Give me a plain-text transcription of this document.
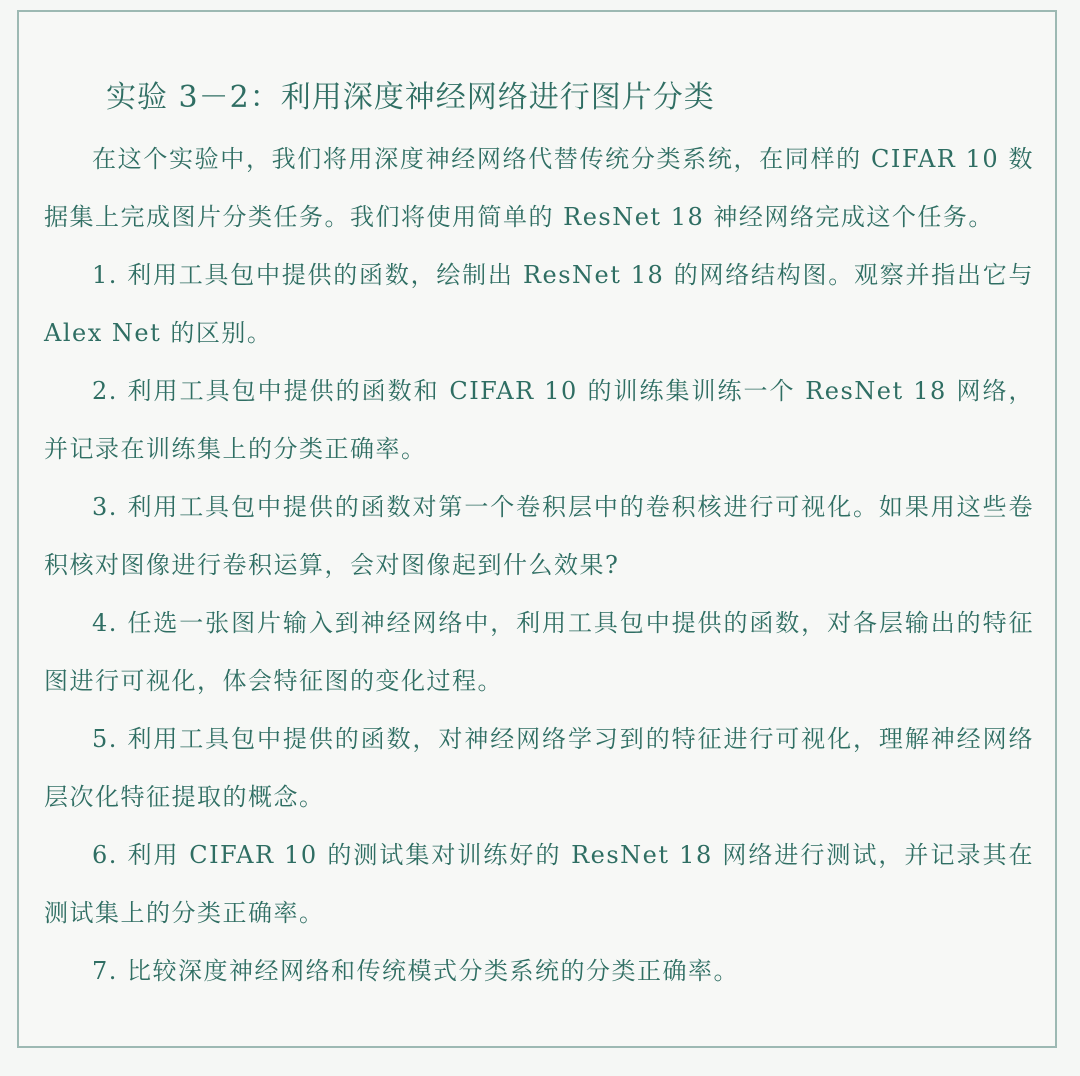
实验 3－2：利用深度神经网络进行图片分类

在这个实验中，我们将用深度神经网络代替传统分类系统，在同样的 CIFAR 10 数据集上完成图片分类任务。我们将使用简单的 ResNet 18 神经网络完成这个任务。

1. 利用工具包中提供的函数，绘制出 ResNet 18 的网络结构图。观察并指出它与 Alex Net 的区别。

2. 利用工具包中提供的函数和 CIFAR 10 的训练集训练一个 ResNet 18 网络，并记录在训练集上的分类正确率。

3. 利用工具包中提供的函数对第一个卷积层中的卷积核进行可视化。如果用这些卷积核对图像进行卷积运算，会对图像起到什么效果?

4. 任选一张图片输入到神经网络中，利用工具包中提供的函数，对各层输出的特征图进行可视化，体会特征图的变化过程。

5. 利用工具包中提供的函数，对神经网络学习到的特征进行可视化，理解神经网络层次化特征提取的概念。

6. 利用 CIFAR 10 的测试集对训练好的 ResNet 18 网络进行测试，并记录其在测试集上的分类正确率。

7. 比较深度神经网络和传统模式分类系统的分类正确率。
